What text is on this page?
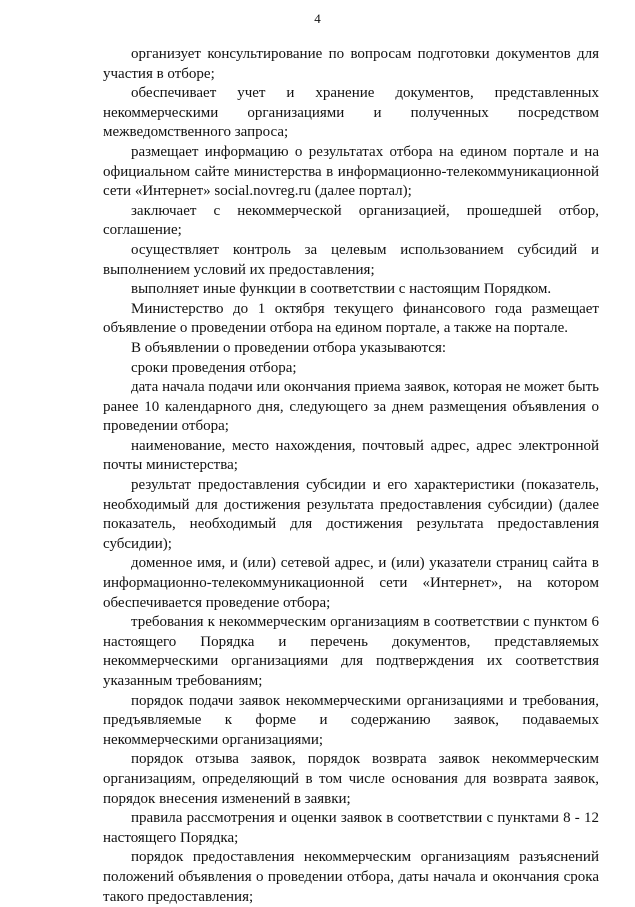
4

организует консультирование по вопросам подготовки документов для участия в отборе;

обеспечивает учет и хранение документов, представленных некоммерческими организациями и полученных посредством межведомственного запроса;

размещает информацию о результатах отбора на едином портале и на официальном сайте министерства в информационно-телекоммуникационной сети «Интернет» social.novreg.ru (далее портал);

заключает с некоммерческой организацией, прошедшей отбор, соглашение;

осуществляет контроль за целевым использованием субсидий и выполнением условий их предоставления;

выполняет иные функции в соответствии с настоящим Порядком.

Министерство до 1 октября текущего финансового года размещает объявление о проведении отбора на едином портале, а также на портале.

В объявлении о проведении отбора указываются:

сроки проведения отбора;

дата начала подачи или окончания приема заявок, которая не может быть ранее 10 календарного дня, следующего за днем размещения объявления о проведении отбора;

наименование, место нахождения, почтовый адрес, адрес электронной почты министерства;

результат предоставления субсидии и его характеристики (показатель, необходимый для достижения результата предоставления субсидии) (далее показатель, необходимый для достижения результата предоставления субсидии);

доменное имя, и (или) сетевой адрес, и (или) указатели страниц сайта в информационно-телекоммуникационной сети «Интернет», на котором обеспечивается проведение отбора;

требования к некоммерческим организациям в соответствии с пунктом 6 настоящего Порядка и перечень документов, представляемых некоммерческими организациями для подтверждения их соответствия указанным требованиям;

порядок подачи заявок некоммерческими организациями и требования, предъявляемые к форме и содержанию заявок, подаваемых некоммерческими организациями;

порядок отзыва заявок, порядок возврата заявок некоммерческим организациям, определяющий в том числе основания для возврата заявок, порядок внесения изменений в заявки;

правила рассмотрения и оценки заявок в соответствии с пунктами 8 - 12 настоящего Порядка;

порядок предоставления некоммерческим организациям разъяснений положений объявления о проведении отбора, даты начала и окончания срока такого предоставления;
